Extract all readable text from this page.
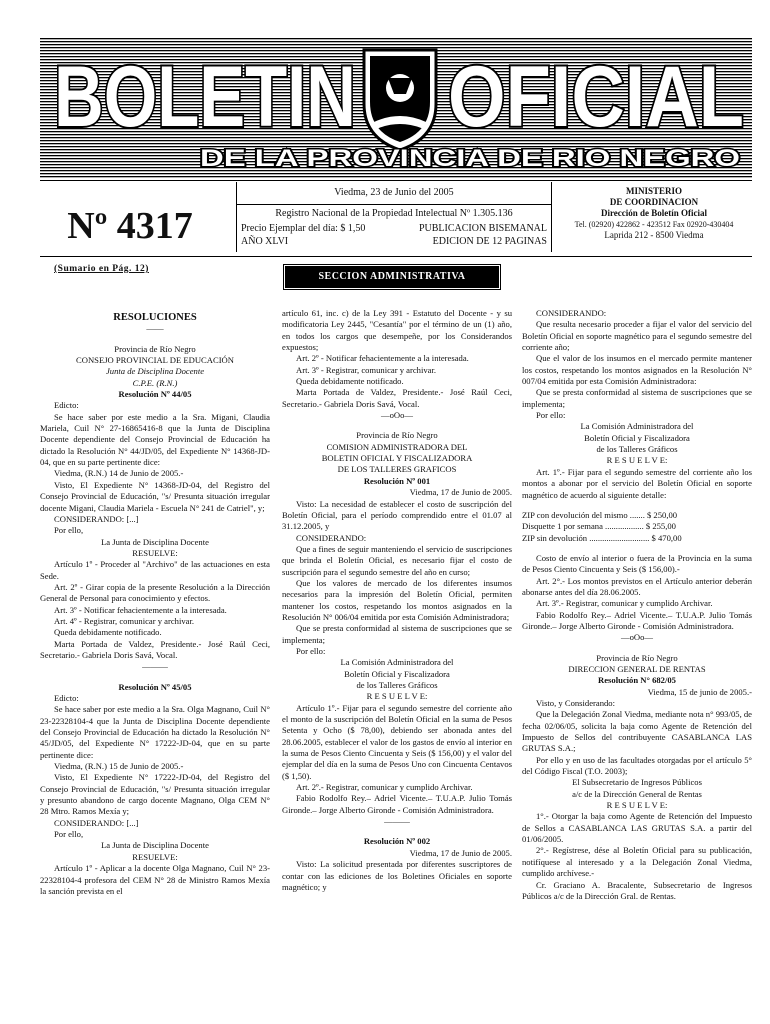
BOLETIN OFICIAL
DE LA PROVINCIA DE RIO NEGRO
Nº 4317
Viedma, 23 de Junio del 2005
Registro Nacional de la Propiedad Intelectual Nº 1.305.136
Precio Ejemplar del día: $ 1,50	PUBLICACION BISEMANAL
AÑO XLVI	EDICION DE 12 PAGINAS
MINISTERIO
DE COORDINACION
Dirección de Boletín Oficial
Tel. (02920) 422862 - 423512 Fax 02920-430404
Laprida 212 - 8500 Viedma
(Sumario en Pág. 12)
SECCION ADMINISTRATIVA

RESOLUCIONES

——

Provincia de Río Negro

CONSEJO PROVINCIAL DE EDUCACIÓN

Junta de Disciplina Docente

C.P.E. (R.N.)

Resolución Nº 44/05

Edicto:

Se hace saber por este medio a la Sra. Migani, Claudia Mariela, Cuil N° 27-16865416-8 que la Junta de Disciplina Docente dependiente del Consejo Provincial de Educación ha dictado la Resolución N° 44/JD/05, del Expediente N° 14368-JD-04, que en su parte pertinente dice:

Viedma, (R.N.) 14 de Junio de 2005.-

Visto, El Expediente N° 14368-JD-04, del Registro del Consejo Provincial de Educación, "s/ Presunta situación irregular docente Migani, Claudia Mariela - Escuela N° 241 de Catriel", y;

CONSIDERANDO: [...]

Por ello,

La Junta de Disciplina Docente

RESUELVE:

Artículo 1º - Proceder al "Archivo" de las actuaciones en esta Sede.

Art. 2º - Girar copia de la presente Resolución a la Dirección General de Personal para conocimiento y efectos.

Art. 3º - Notificar fehacientemente a la interesada.

Art. 4º - Registrar, comunicar y archivar.

Queda debidamente notificado.

Marta Portada de Valdez, Presidente.- José Raúl Ceci, Secretario.- Gabriela Doris Savá, Vocal.

———

Resolución Nº 45/05

Edicto:

Se hace saber por este medio a la Sra. Olga Magnano, Cuil N° 23-22328104-4 que la Junta de Disciplina Docente dependiente del Consejo Provincial de Educación ha dictado la Resolución N° 45/JD/05, del Expediente N° 17222-JD-04, que en su parte pertinente dice:

Viedma, (R.N.) 15 de Junio de 2005.-

Visto, El Expediente N° 17222-JD-04, del Registro del Consejo Provincial de Educación, "s/ Presunta situación irregular y presunto abandono de cargo docente Magnano, Olga CEM N° 28 Mtro. Ramos Mexía y;

CONSIDERANDO: [...]

Por ello,

La Junta de Disciplina Docente

RESUELVE:

Artículo 1º - Aplicar a la docente Olga Magnano, Cuil N° 23-22328104-4 profesora del CEM N° 28 de Ministro Ramos Mexía la sanción prevista en el

artículo 61, inc. c) de la Ley 391 - Estatuto del Docente - y su modificatoria Ley 2445, "Cesantía" por el término de un (1) año, en todos los cargos que desempeñe, por los Considerandos expuestos;

Art. 2º - Notificar fehacientemente a la interesada.

Art. 3º - Registrar, comunicar y archivar.

Queda debidamente notificado.

Marta Portada de Valdez, Presidente.- José Raúl Ceci, Secretario.- Gabriela Doris Savá, Vocal.

—oOo—

Provincia de Río Negro

COMISION ADMINISTRADORA DEL

BOLETIN OFICIAL Y FISCALIZADORA

DE LOS TALLERES GRAFICOS

Resolución Nº 001

Viedma, 17 de Junio de 2005.

Visto: La necesidad de establecer el costo de suscripción del Boletín Oficial, para el período comprendido entre el 01.07 al 31.12.2005, y

CONSIDERANDO:

Que a fines de seguir manteniendo el servicio de suscripciones que brinda el Boletín Oficial, es necesario fijar el costo de suscripción para el segundo semestre del año en curso;

Que los valores de mercado de los diferentes insumos necesarios para la impresión del Boletín Oficial, permiten mantener los costos, respetando los montos asignados en la Resolución N° 006/04 emitida por esta Comisión Administradora;

Que se presta conformidad al sistema de suscripciones que se implementa;

Por ello:

La Comisión Administradora del

Boletín Oficial y Fiscalizadora

de los Talleres Gráficos

R E S U E L V E:

Artículo 1º.- Fijar para el segundo semestre del corriente año el monto de la suscripción del Boletín Oficial en la suma de Pesos Setenta y Ocho ($ 78,00), debiendo ser abonada antes del 28.06.2005, establecer el valor de los gastos de envío al interior en la suma de Pesos Ciento Cincuenta y Seis ($ 156,00) y el valor del ejemplar del día en la suma de Pesos Uno con Cincuenta Centavos ($ 1,50).

Art. 2º.- Registrar, comunicar y cumplido Archivar.

Fabio Rodolfo Rey.– Adriel Vicente.– T.U.A.P. Julio Tomás Gironde.– Jorge Alberto Gironde - Comisión Administradora.

———

Resolución Nº 002

Viedma, 17 de Junio de 2005.

Visto: La solicitud presentada por diferentes suscriptores de contar con las ediciones de los Boletines Oficiales en soporte magnético; y

CONSIDERANDO:

Que resulta necesario proceder a fijar el valor del servicio del Boletín Oficial en soporte magnético para el segundo semestre del corriente año;

Que el valor de los insumos en el mercado permite mantener los costos, respetando los montos asignados en la Resolución N° 007/04 emitida por esta Comisión Administradora:

Que se presta conformidad al sistema de suscripciones que se implementa;

Por ello:

La Comisión Administradora del

Boletín Oficial y Fiscalizadora

de los Talleres Gráficos

R E S U E L V E:

Art. 1º.- Fijar para el segundo semestre del corriente año los montos a abonar por el servicio del Boletín Oficial en soporte magnético de acuerdo al siguiente detalle:

ZIP con devolución del mismo ....... $ 250,00

Disquette 1 por semana .................. $ 255,00

ZIP sin devolución ............................ $ 470,00

Costo de envío al interior o fuera de la Provincia en la suma de Pesos Ciento Cincuenta y Seis ($ 156,00).-

Art. 2°.- Los montos previstos en el Artículo anterior deberán abonarse antes del día 28.06.2005.

Art. 3º.- Registrar, comunicar y cumplido Archivar.

Fabio Rodolfo Rey.– Adriel Vicente.– T.U.A.P. Julio Tomás Gironde.– Jorge Alberto Gironde - Comisión Administradora.

—oOo—

Provincia de Río Negro

DIRECCION GENERAL DE RENTAS

Resolución N° 682/05

Viedma, 15 de junio de 2005.-

Visto, y Considerando:

Que la Delegación Zonal Viedma, mediante nota n° 993/05, de fecha 02/06/05, solicita la baja como Agente de Retención del Impuesto de Sellos del contribuyente CASABLANCA LAS GRUTAS S.A.;

Por ello y en uso de las facultades otorgadas por el artículo 5° del Código Fiscal (T.O. 2003);

El Subsecretario de Ingresos Públicos

a/c de la Dirección General de Rentas

R E S U E L V E:

1°.- Otorgar la baja como Agente de Retención del Impuesto de Sellos a CASABLANCA LAS GRUTAS S.A. a partir del 01/06/2005.

2°.- Regístrese, dése al Boletín Oficial para su publicación, notifíquese al interesado y a la Delegación Zonal Viedma, cumplido archívese.-

Cr. Graciano A. Bracalente, Subsecretario de Ingresos Públicos a/c de la Dirección Gral. de Rentas.
